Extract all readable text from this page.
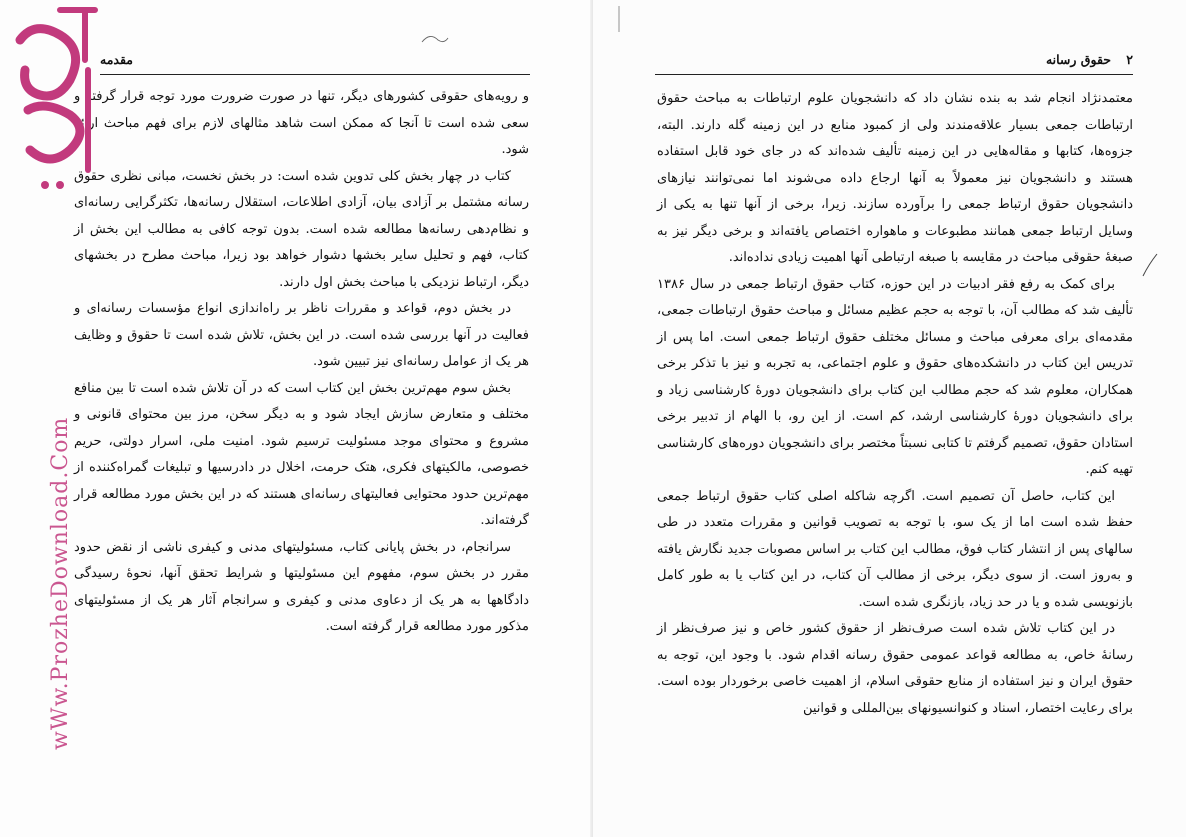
مقدمه

و رویه‌های حقوقی کشورهای دیگر، تنها در صورت ضرورت مورد توجه قرار گرفته و سعی شده است تا آنجا که ممکن است شاهد مثالهای لازم برای فهم مباحث ارائه شود.

کتاب در چهار بخش کلی تدوین شده است: در بخش نخست، مبانی نظری حقوق رسانه مشتمل بر آزادی بیان، آزادی اطلاعات، استقلال رسانه‌ها، تکثرگرایی رسانه‌ای و نظام‌دهی رسانه‌ها مطالعه شده است. بدون توجه کافی به مطالب این بخش از کتاب، فهم و تحلیل سایر بخشها دشوار خواهد بود زیرا، مباحث مطرح در بخشهای دیگر، ارتباط نزدیکی با مباحث بخش اول دارند.

در بخش دوم، قواعد و مقررات ناظر بر راه‌اندازی انواع مؤسسات رسانه‌ای و فعالیت در آنها بررسی شده است. در این بخش، تلاش شده است تا حقوق و وظایف هر یک از عوامل رسانه‌ای نیز تبیین شود.

بخش سوم مهم‌ترین بخش این کتاب است که در آن تلاش شده است تا بین منافع مختلف و متعارض سازش ایجاد شود و به دیگر سخن، مرز بین محتوای قانونی و مشروع و محتوای موجد مسئولیت ترسیم شود. امنیت ملی، اسرار دولتی، حریم خصوصی، مالکیتهای فکری، هتک حرمت، اخلال در دادرسیها و تبلیغات گمراه‌کننده از مهم‌ترین حدود محتوایی فعالیتهای رسانه‌ای هستند که در این بخش مورد مطالعه قرار گرفته‌اند.

سرانجام، در بخش پایانی کتاب، مسئولیتهای مدنی و کیفری ناشی از نقض حدود مقرر در بخش سوم، مفهوم این مسئولیتها و شرایط تحقق آنها، نحوهٔ رسیدگی دادگاهها به هر یک از دعاوی مدنی و کیفری و سرانجام آثار هر یک از مسئولیتهای مذکور مورد مطالعه قرار گرفته است.

wWw.ProzheDownload.Com
۲
حقوق رسانه

معتمدنژاد انجام شد به بنده نشان داد که دانشجویان علوم ارتباطات به مباحث حقوق ارتباطات جمعی بسیار علاقه‌مندند ولی از کمبود منابع در این زمینه گله دارند. البته، جزوه‌ها، کتابها و مقاله‌هایی در این زمینه تألیف شده‌اند که در جای خود قابل استفاده هستند و دانشجویان نیز معمولاً به آنها ارجاع داده می‌شوند اما نمی‌توانند نیازهای دانشجویان حقوق ارتباط جمعی را برآورده سازند. زیرا، برخی از آنها تنها به یکی از وسایل ارتباط جمعی همانند مطبوعات و ماهواره اختصاص یافته‌اند و برخی دیگر نیز به صبغهٔ حقوقی مباحث در مقایسه با صبغه ارتباطی آنها اهمیت زیادی نداده‌اند.

برای کمک به رفع فقر ادبیات در این حوزه، کتاب حقوق ارتباط جمعی در سال ۱۳۸۶ تألیف شد که مطالب آن، با توجه به حجم عظیم مسائل و مباحث حقوق ارتباطات جمعی، مقدمه‌ای برای معرفی مباحث و مسائل مختلف حقوق ارتباط جمعی است. اما پس از تدریس این کتاب در دانشکده‌های حقوق و علوم اجتماعی، به تجربه و نیز با تذکر برخی همکاران، معلوم شد که حجم مطالب این کتاب برای دانشجویان دورهٔ کارشناسی زیاد و برای دانشجویان دورهٔ کارشناسی ارشد، کم است. از این رو، با الهام از تدبیر برخی استادان حقوق، تصمیم گرفتم تا کتابی نسبتاً مختصر برای دانشجویان دوره‌های کارشناسی تهیه کنم.

این کتاب، حاصل آن تصمیم است. اگرچه شاکله اصلی کتاب حقوق ارتباط جمعی حفظ شده است اما از یک سو، با توجه به تصویب قوانین و مقررات متعدد در طی سالهای پس از انتشار کتاب فوق، مطالب این کتاب بر اساس مصوبات جدید نگارش یافته و به‌روز است. از سوی دیگر، برخی از مطالب آن کتاب، در این کتاب یا به طور کامل بازنویسی شده و یا در حد زیاد، بازنگری شده است.

در این کتاب تلاش شده است صرف‌نظر از حقوق کشور خاص و نیز صرف‌نظر از رسانهٔ خاص، به مطالعه قواعد عمومی حقوق رسانه اقدام شود. با وجود این، توجه به حقوق ایران و نیز استفاده از منابع حقوقی اسلام، از اهمیت خاصی برخوردار بوده است. برای رعایت اختصار، اسناد و کنوانسیونهای بین‌المللی و قوانین
